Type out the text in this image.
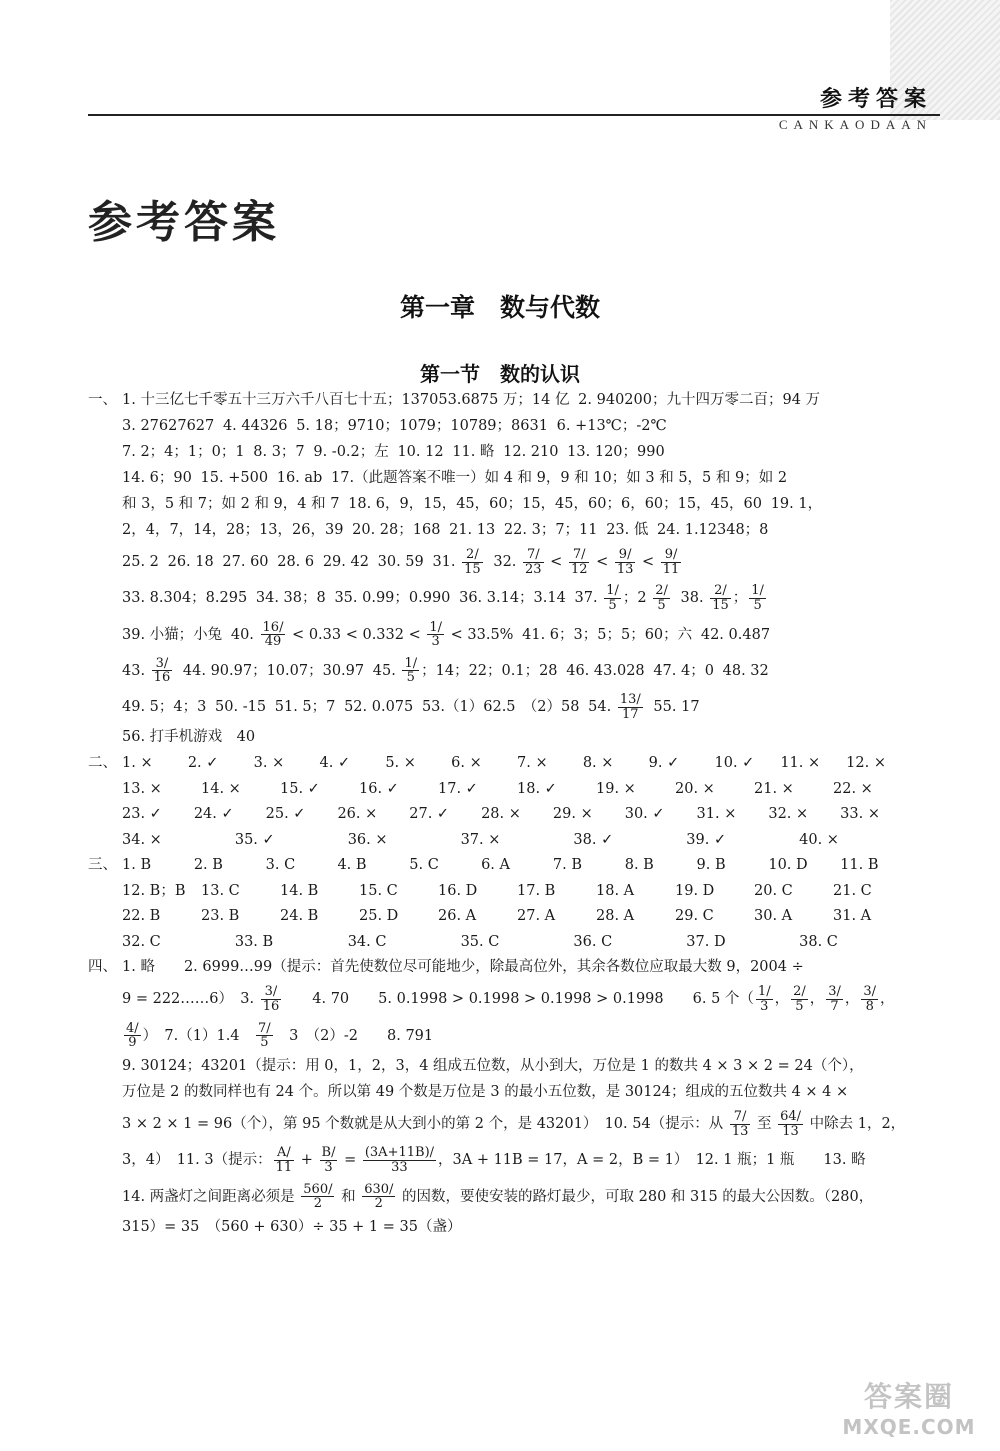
参考答案
CANKAODAAN
参考答案
第一章　数与代数
第一节　数的认识
一、 1. 十三亿七千零五十三万六千八百七十五；137053.6875 万；14 亿 2. 940200；九十四万零二百；94 万
3. 27627627 4. 44326 5. 18；9710；1079；10789；8631 6. +13℃；-2℃
7. 2；4；1；0；1 8. 3；7 9. -0.2；左 10. 12 11. 略 12. 210 13. 120；990
14. 6；90 15. +500 16. ab 17.（此题答案不唯一）如 4 和 9，9 和 10；如 3 和 5，5 和 9；如 2
和 3，5 和 7；如 2 和 9，4 和 7 18. 6，9，15，45，60；15，45，60；6，60；15，45，60 19. 1，
2，4，7，14，28；13，26，39 20. 28；168 21. 13 22. 3；7；11 23. 低 24. 1.12348；8
25. 2 26. 18 27. 60 28. 6 29. 42 30. 59 31. $\frac{2/}{15} 32$. $\frac{7/}{23} < \frac{7/}{12} < \frac{9/}{13} < \frac{9/}{11}$
33. 8.304；8.295 34. 38；8 35. 0.99；0.990 36. 3.14；3.14 37. $\frac{1/}{5}$ ；$2 \frac{2/}{5} 38$. $\frac{2/}{15}$ ； $\frac{1/}{5}$
39. 小猫；小兔 40. $\frac{16/}{49} < 0.33 < 0.332 < \frac{1/}{3} < 33.5\%$ 41. 6；3；5；5；60；六 42. 0.487
43. $\frac{3/}{16} 44$. 90.97；10.07；30.97 45. $\frac{1/}{5}$ ；14；22；0.1；28 46. 43.028 47. 4；0 48. 32
49. 5；4；3 50. -15 51. 5；7 52. 0.075 53.（1）62.5　（2）58 54. $\frac{13/}{17} 55$. 17
56. 打手机游戏　40
二、 1. ×	2. ✓	3. ×	4. ✓	5. ×	6. ×	7. ×	8. ×	9. ✓	10. ✓	11. ×	12. ×
13. ×	14. ×	15. ✓	16. ✓	17. ✓	18. ✓	19. ×	20. ×	21. ×	22. ×
23. ✓	24. ✓	25. ✓	26. ×	27. ✓	28. ×	29. ×	30. ✓	31. ×	32. ×	33. ×
34. ×	35. ✓	36. ×	37. ×	38. ✓	39. ✓	40. ×
三、 1. B	2. B	3. C	4. B	5. C	6. A	7. B	8. B	9. B	10. D	11. B
12. B；B	13. C	14. B	15. C	16. D	17. B	18. A	19. D	20. C	21. C
22. B	23. B	24. B	25. D	26. A	27. A	28. A	29. C	30. A	31. A
32. C	33. B	34. C	35. C	36. C	37. D	38. C
四、 1. 略　　2. 6999…99（提示：首先使数位尽可能地少，除最高位外，其余各数位应取最大数 9，2004 ÷
9 = 222……6）　3. $\frac{3/}{16}$ 　　4. 70　　5. 0.1998 > 0.1998 > 0.1998 > 0.1998　　6. 5 个（ $\frac{1/}{3}$ ， $\frac{2/}{5}$ ， $\frac{3/}{7}$ ， $\frac{3/}{8}$ ，
$\frac{4/}{9}$ ）　7.（1）1.4　 $\frac{7/}{5}$ 　3　（2）-2　　8. 791
9. 30124；43201（提示：用 0，1，2，3，4 组成五位数，从小到大，万位是 1 的数共 4 × 3 × 2 = 24（个），
万位是 2 的数同样也有 24 个。所以第 49 个数是万位是 3 的最小五位数，是 30124；组成的五位数共 4 × 4 ×
3 × 2 × 1 = 96（个），第 95 个数就是从大到小的第 2 个，是 43201）　10. 54（提示：从 $\frac{7/}{13}$ 至 $\frac{64/}{13}$ 中除去 1，2，
3，4）　11. 3（提示： $\frac{A/}{11} + \frac{B/}{3} = \frac{(3A+11B)/}{33}$ ，3A + 11B = 17，A = 2，B = 1）　12. 1 瓶；1 瓶　　13. 略
14. 两盏灯之间距离必须是 $\frac{560/}{2}$ 和 $\frac{630/}{2}$ 的因数，要使安装的路灯最少，可取 280 和 315 的最大公因数。（280，
315）= 35　（560 + 630）÷ 35 + 1 = 35（盏）
答案圈
MXQE.COM
